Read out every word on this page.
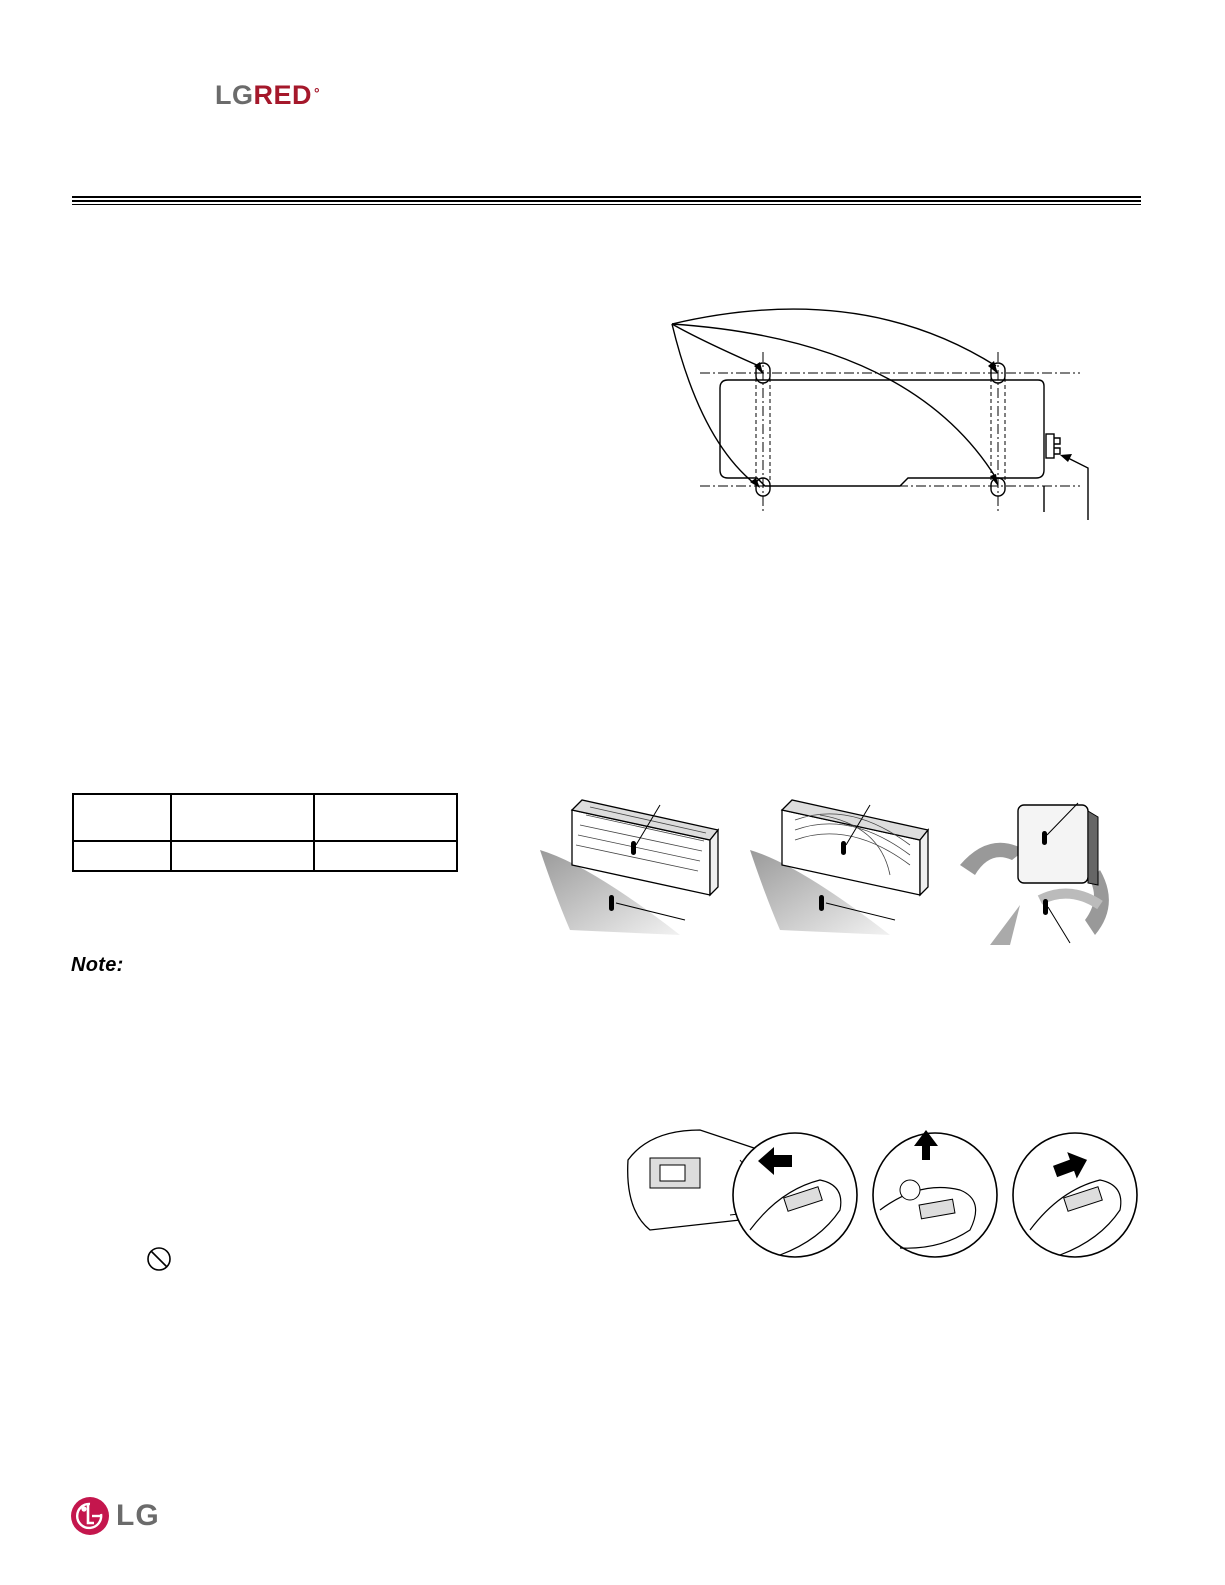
LGRED °

Note:
LG
